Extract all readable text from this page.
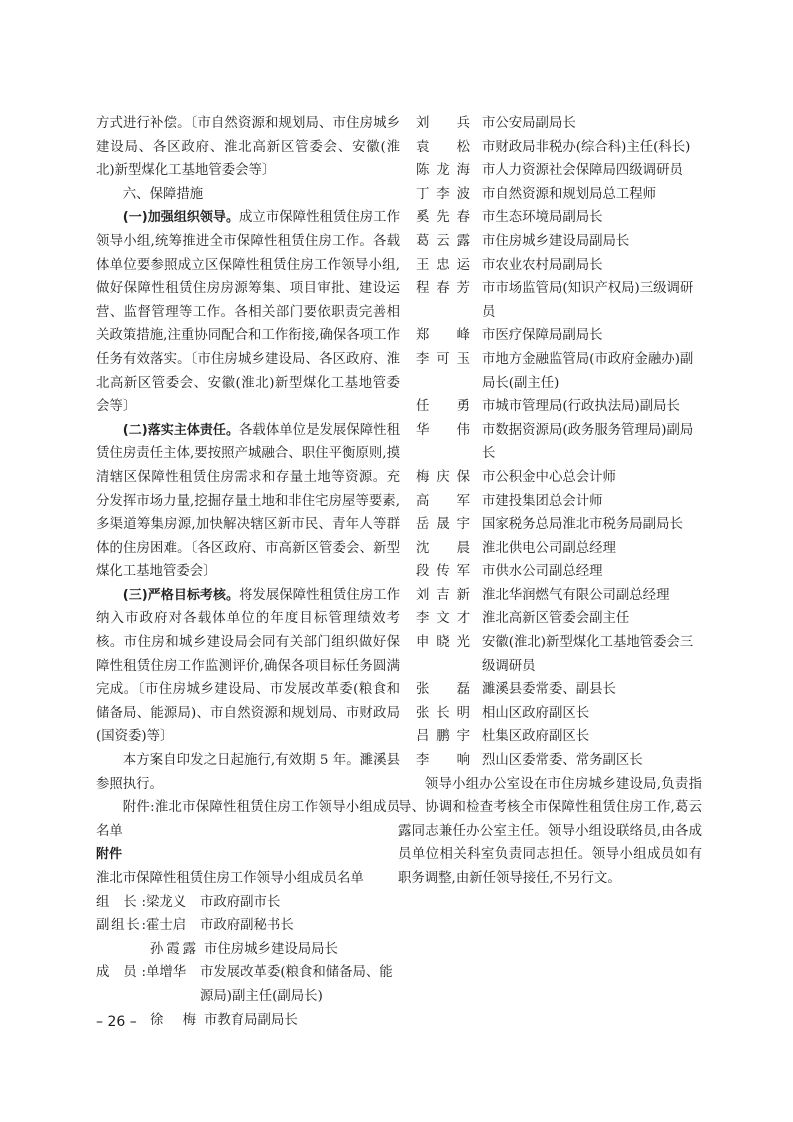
方式进行补偿。〔市自然资源和规划局、市住房城乡建设局、各区政府、淮北高新区管委会、安徽(淮北)新型煤化工基地管委会等〕

六、保障措施

(一)加强组织领导。成立市保障性租赁住房工作领导小组,统筹推进全市保障性租赁住房工作。各载体单位要参照成立区保障性租赁住房工作领导小组,做好保障性租赁住房房源筹集、项目审批、建设运营、监督管理等工作。各相关部门要依职责完善相关政策措施,注重协同配合和工作衔接,确保各项工作任务有效落实。〔市住房城乡建设局、各区政府、淮北高新区管委会、安徽(淮北)新型煤化工基地管委会等〕

(二)落实主体责任。各载体单位是发展保障性租赁住房责任主体,要按照产城融合、职住平衡原则,摸清辖区保障性租赁住房需求和存量土地等资源。充分发挥市场力量,挖掘存量土地和非住宅房屋等要素,多渠道筹集房源,加快解决辖区新市民、青年人等群体的住房困难。〔各区政府、市高新区管委会、新型煤化工基地管委会〕

(三)严格目标考核。将发展保障性租赁住房工作纳入市政府对各载体单位的年度目标管理绩效考核。市住房和城乡建设局会同有关部门组织做好保障性租赁住房工作监测评价,确保各项目标任务圆满完成。〔市住房城乡建设局、市发展改革委(粮食和储备局、能源局)、市自然资源和规划局、市财政局(国资委)等〕

本方案自印发之日起施行,有效期 5 年。濉溪县参照执行。

附件:淮北市保障性租赁住房工作领导小组成员名单

附件

淮北市保障性租赁住房工作领导小组成员名单

组 长: 梁龙义	市政府副市长
副组长: 霍士启	市政府副秘书长
孙霞露 市住房城乡建设局局长
成 员: 单增华	市发展改革委(粮食和储备局、能源局)副主任(副局长)
徐 梅 市教育局副局长
刘 兵 市公安局副局长
袁 松 市财政局非税办(综合科)主任(科长)
陈龙海 市人力资源社会保障局四级调研员
丁李波 市自然资源和规划局总工程师
奚先春 市生态环境局副局长
葛云露 市住房城乡建设局副局长
王忠运 市农业农村局副局长
程春芳 市市场监管局(知识产权局)三级调研员
郑 峰 市医疗保障局副局长
李可玉 市地方金融监管局(市政府金融办)副局长(副主任)
任 勇 市城市管理局(行政执法局)副局长
华 伟 市数据资源局(政务服务管理局)副局长
梅庆保 市公积金中心总会计师
高 军 市建投集团总会计师
岳晟宇 国家税务总局淮北市税务局副局长
沈 晨 淮北供电公司副总经理
段传军 市供水公司副总经理
刘吉新 淮北华润燃气有限公司副总经理
李文才 淮北高新区管委会副主任
申晓光 安徽(淮北)新型煤化工基地管委会三级调研员
张 磊 濉溪县委常委、副县长
张长明 相山区政府副区长
吕鹏宇 杜集区政府副区长
李 响 烈山区委常委、常务副区长

领导小组办公室设在市住房城乡建设局,负责指导、协调和检查考核全市保障性租赁住房工作,葛云露同志兼任办公室主任。领导小组设联络员,由各成员单位相关科室负责同志担任。领导小组成员如有职务调整,由新任领导接任,不另行文。

– 26 –
